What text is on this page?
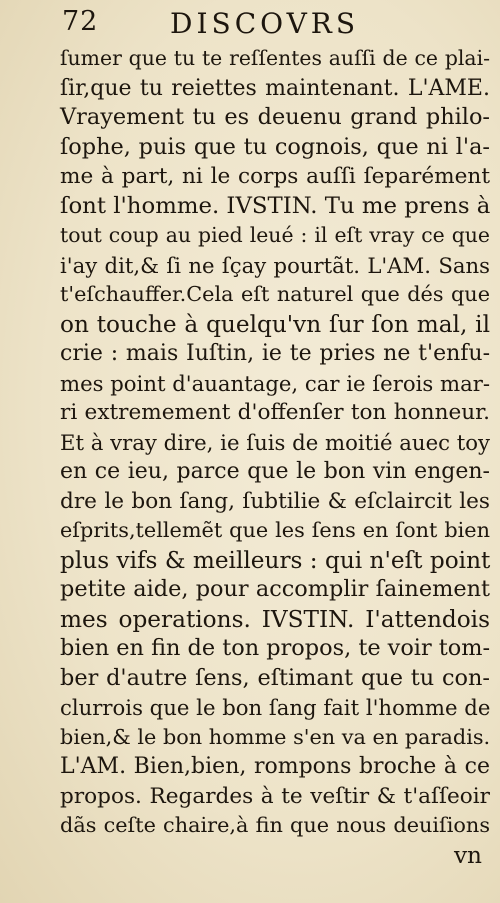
72	DISCOVRS
ſumer que tu te reſſentes auſſi de ce plai-
ſir,que tu reiettes maintenant. L'AME.
Vrayement tu es deuenu grand philo-
ſophe, puis que tu cognois, que ni l'a-
me à part, ni le corps auſſi ſeparément
ſont l'homme. IVSTIN. Tu me prens à
tout coup au pied leué : il eſt vray ce que
i'ay dit,& ſi ne ſçay pourtãt. L'AM. Sans
t'eſchauffer.Cela eſt naturel que dés que
on touche à quelqu'vn ſur ſon mal, il
crie : mais Iuſtin, ie te pries ne t'enfu-
mes point d'auantage, car ie ſerois mar-
ri extremement d'offenſer ton honneur.
Et à vray dire, ie ſuis de moitié auec toy
en ce ieu, parce que le bon vin engen-
dre le bon ſang, ſubtilie & eſclaircit les
eſprits,tellemẽt que les ſens en ſont bien
plus vifs & meilleurs : qui n'eſt point
petite aide, pour accomplir ſainement
mes operations. IVSTIN. I'attendois
bien en fin de ton propos, te voir tom-
ber d'autre ſens, eſtimant que tu con-
clurrois que le bon ſang fait l'homme de
bien,& le bon homme s'en va en paradis.
L'AM. Bien,bien, rompons broche à ce
propos. Regardes à te veſtir & t'aſſeoir
dãs ceſte chaire,à fin que nous deuiſions
vn
